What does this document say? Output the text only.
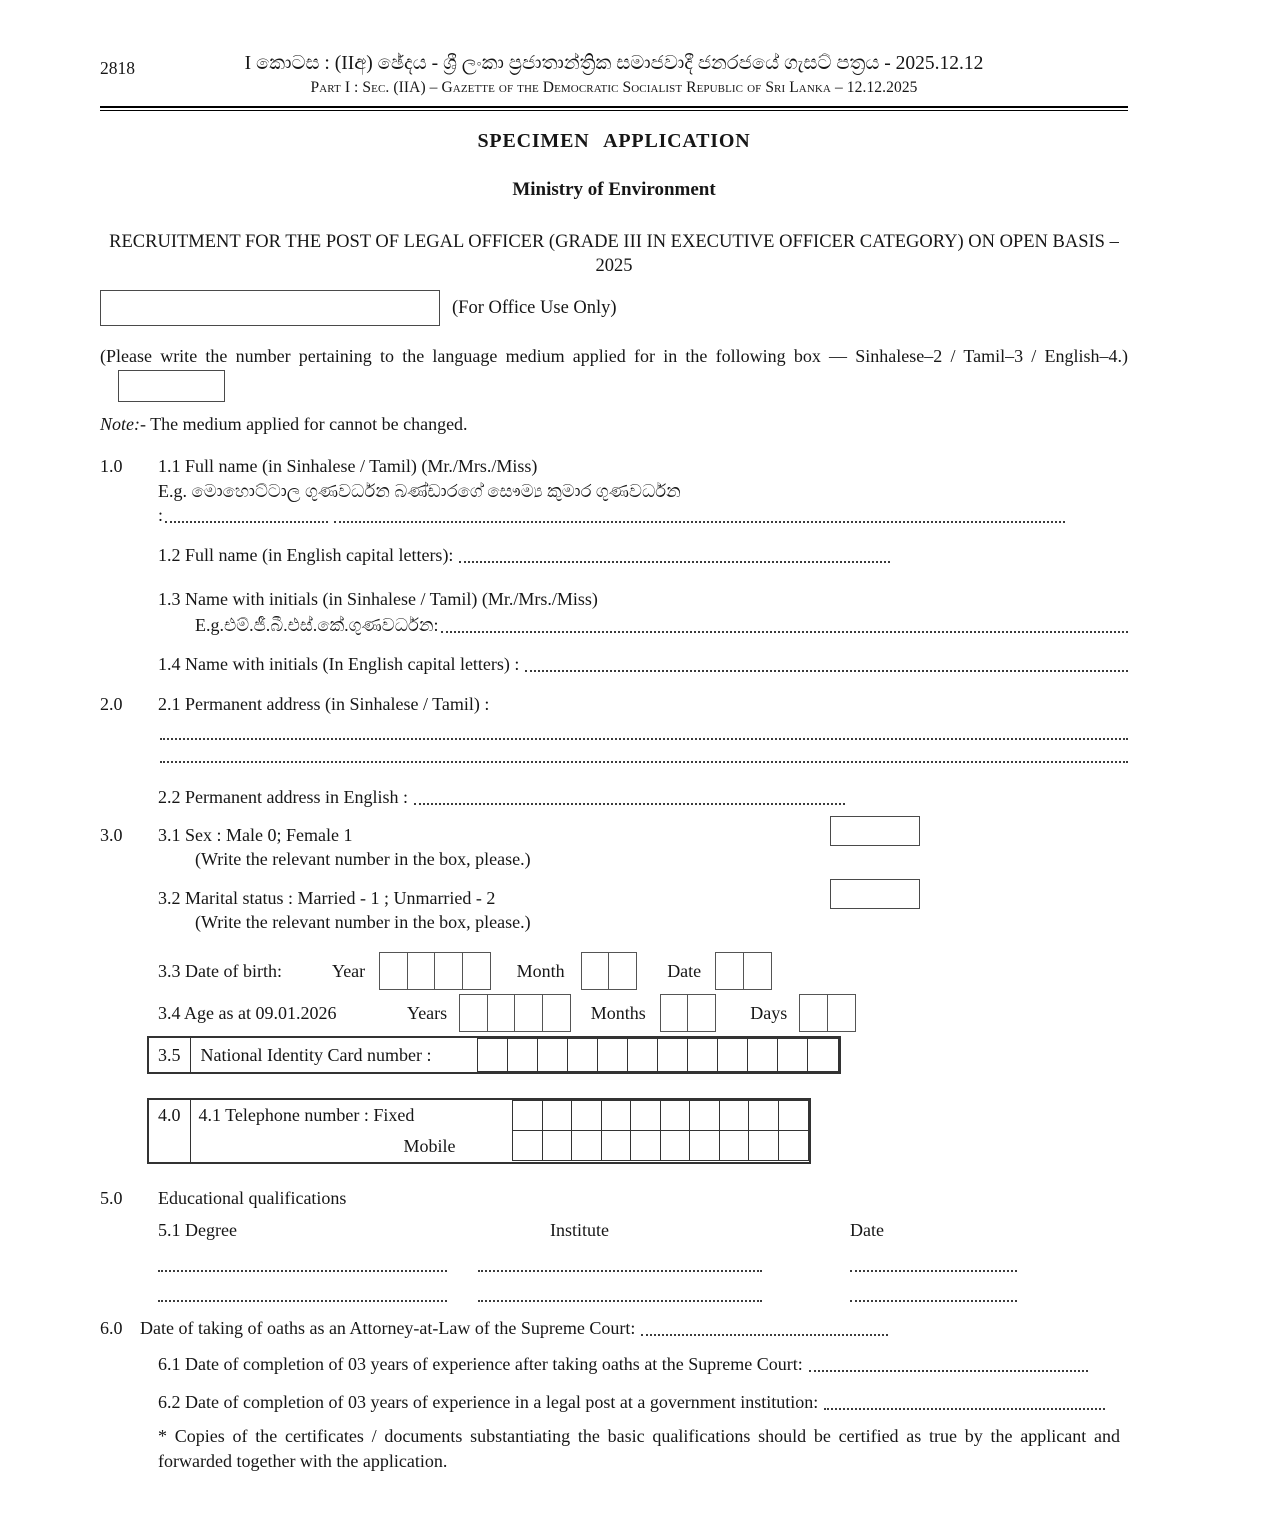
2818	I කොටස : (IIඅ) ඡේදය - ශ්‍රී ලංකා ප්‍රජාතාන්ත්‍රික සමාජවාදී ජනරජයේ ගැසට් පත්‍රය - 2025.12.12
Part I : Sec. (IIA) – Gazette of the Democratic Socialist Republic of Sri Lanka – 12.12.2025
SPECIMEN APPLICATION
Ministry of Environment
RECRUITMENT FOR THE POST OF LEGAL OFFICER (GRADE III IN EXECUTIVE OFFICER CATEGORY) ON OPEN BASIS – 2025
(For Office Use Only)
(Please write the number pertaining to the language medium applied for in the following box — Sinhalese–2 / Tamil–3 / English–4.)
Note:- The medium applied for cannot be changed.
1.0	1.1 Full name (in Sinhalese / Tamil) (Mr./Mrs./Miss)
E.g. මොහොට්ටාල ගුණවර්ධන බණ්ඩාරගේ සෞම්‍ය කුමාර ගුණවර්ධන
:
1.2 Full name (in English capital letters):
1.3 Name with initials (in Sinhalese / Tamil) (Mr./Mrs./Miss)
E.g.එම්.ජී.බී.එස්.කේ.ගුණවර්ධන:
1.4 Name with initials (In English capital letters) :
2.0	2.1 Permanent address (in Sinhalese / Tamil) :
2.2 Permanent address in English :
3.0	3.1 Sex : Male 0; Female 1
(Write the relevant number in the box, please.)
3.2 Marital status : Married - 1 ; Unmarried - 2
(Write the relevant number in the box, please.)
3.3 Date of birth:	Year	Month	Date
3.4 Age as at 09.01.2026	Years	Months	Days
3.5	National Identity Card number :
4.0	4.1 Telephone number : Fixed
Mobile
5.0	Educational qualifications
5.1 Degree	Institute	Date
6.0 Date of taking of oaths as an Attorney-at-Law of the Supreme Court:
6.1 Date of completion of 03 years of experience after taking oaths at the Supreme Court:
6.2 Date of completion of 03 years of experience in a legal post at a government institution:
* Copies of the certificates / documents substantiating the basic qualifications should be certified as true by the applicant and forwarded together with the application.
